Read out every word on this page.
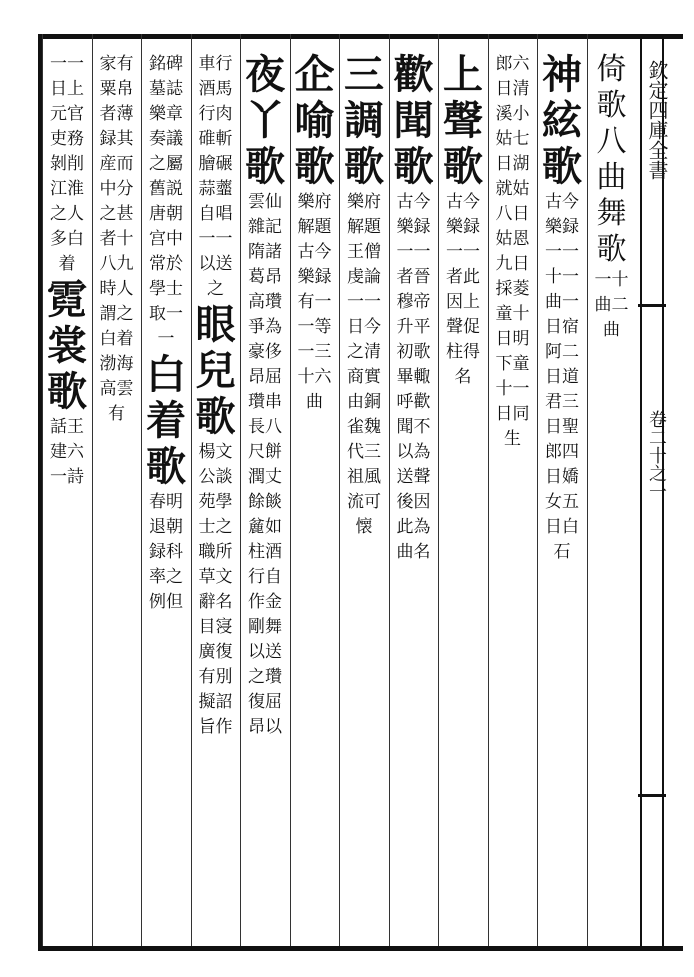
欽定四庫全書
卷二十之一
倚歌八曲舞歌
一十曲二曲
神絃歌
古今樂録一一十一曲一日宿阿二日道君三日聖郎四日嬌女五日白石
郎六日清溪小姑七日湖就姑八日姑恩九日採菱童十日明下童十一日同生
上聲歌
古今樂録一一者此因上聲促柱得名
歡聞歌
古今樂録一一者晉穆帝升平初歌畢輙呼歡聞不以為送聲後因此為曲名
三調歌
樂府解題王僧虔論一一日今之清商實由銅雀魏代三祖風流可懐
企喻歌
樂府解題古今樂録有一一等一三十六曲
夜丫歌
雲仙雜記隋諸葛昂高瓚爭為豪侈昂屈瓚串長八尺餅潤丈餘餤麄如柱酒行自作金剛舞以送之瓚復屈昂以
車行酒馬行肉碓斬膾碾蒜虀自唱一一以送之
眼兒歌
楊文公談苑學士之職所草文辭名目寖廣復有別擬詔旨作
銘碑墓誌樂章奏議之屬舊説唐朝宫中常於學士取一一
白着歌
春明退朝録科率之例但
家有粟帛者薄録其産而中分之甚者十八九時人謂之白着渤海高雲有
一一日上元官吏務剝削江淮之人多白着
霓裳歌
話王建六一詩
